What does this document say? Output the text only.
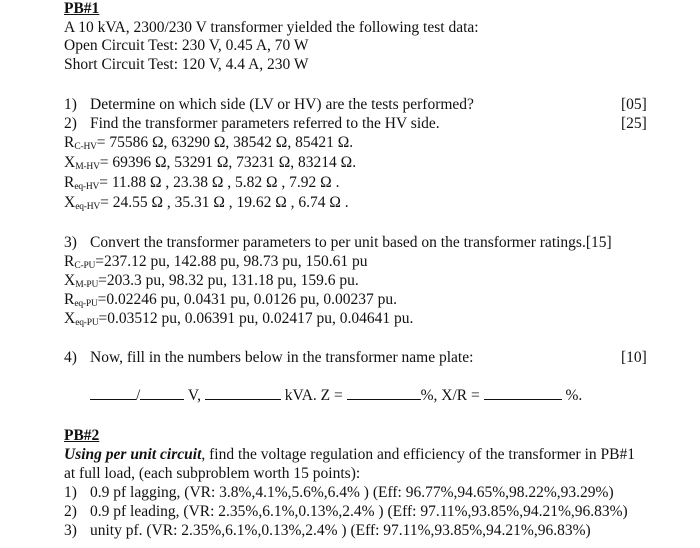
PB#1
A 10 kVA, 2300/230 V transformer yielded the following test data:
Open Circuit Test: 230 V, 0.45 A, 70 W
Short Circuit Test: 120 V, 4.4 A, 230 W
1) Determine on which side (LV or HV) are the tests performed?	[05]
2) Find the transformer parameters referred to the HV side.	[25]
RC-HV= 75586 Ω, 63290 Ω, 38542 Ω, 85421 Ω.
XM-HV= 69396 Ω, 53291 Ω, 73231 Ω, 83214 Ω.
Req-HV= 11.88 Ω , 23.38 Ω , 5.82 Ω , 7.92 Ω .
Xeq-HV= 24.55 Ω , 35.31 Ω , 19.62 Ω , 6.74 Ω .
3) Convert the transformer parameters to per unit based on the transformer ratings.[15]
RC-PU=237.12 pu, 142.88 pu, 98.73 pu, 150.61 pu
XM-PU=203.3 pu, 98.32 pu, 131.18 pu, 159.6 pu.
Req-PU=0.02246 pu, 0.0431 pu, 0.0126 pu, 0.00237 pu.
Xeq-PU=0.03512 pu, 0.06391 pu, 0.02417 pu, 0.04641 pu.
4) Now, fill in the numbers below in the transformer name plate:	[10]
/	V,	kVA. Z =	%, X/R =	%.
PB#2
Using per unit circuit, find the voltage regulation and efficiency of the transformer in PB#1
at full load, (each subproblem worth 15 points):
1) 0.9 pf lagging, (VR: 3.8%,4.1%,5.6%,6.4% ) (Eff: 96.77%,94.65%,98.22%,93.29%)
2) 0.9 pf leading, (VR: 2.35%,6.1%,0.13%,2.4% ) (Eff: 97.11%,93.85%,94.21%,96.83%)
3) unity pf. (VR: 2.35%,6.1%,0.13%,2.4% ) (Eff: 97.11%,93.85%,94.21%,96.83%)
